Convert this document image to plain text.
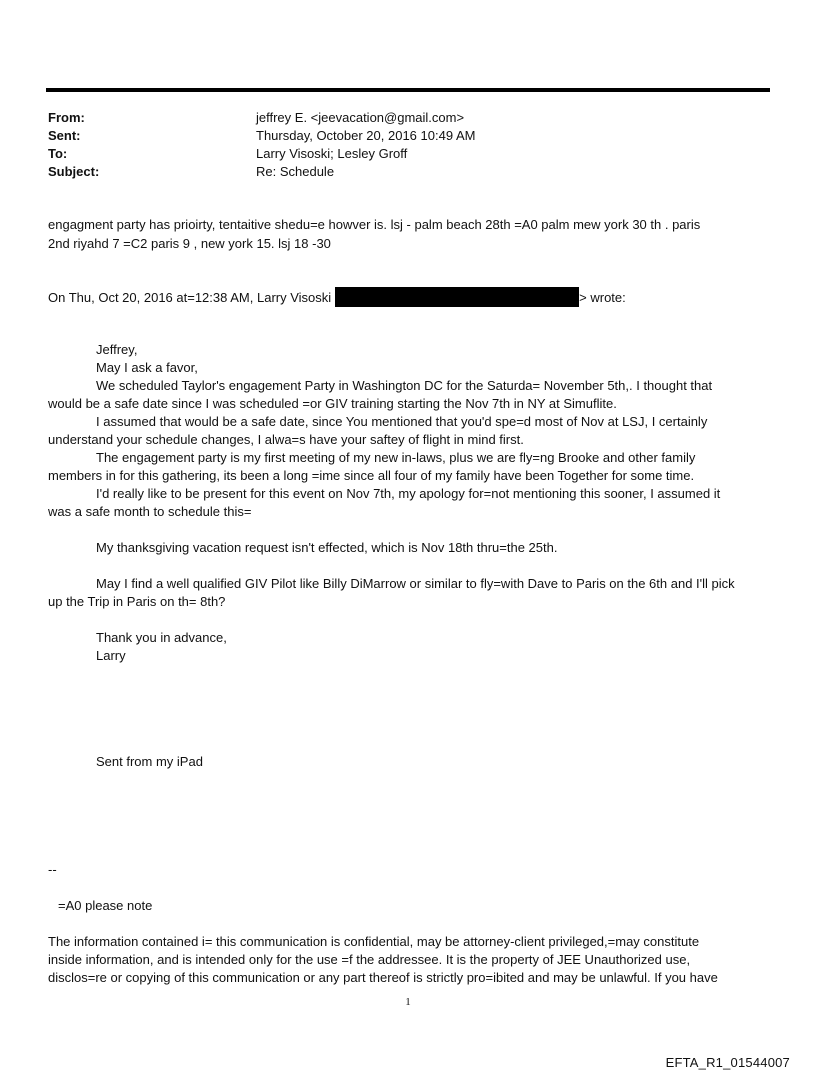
From:	jeffrey E. <jeevacation@gmail.com>
Sent:	Thursday, October 20, 2016 10:49 AM
To:	Larry Visoski; Lesley Groff
Subject:	Re: Schedule
engagment party has prioirty, tentaitive shedu=e howver is. lsj - palm beach 28th =A0 palm mew york 30 th . paris
2nd riyahd 7 =C2 paris 9 , new york 15. lsj 18 -30
On Thu, Oct 20, 2016 at=12:38 AM, Larry Visoski	> wrote:
Jeffrey,
May I ask a favor,
We scheduled Taylor's engagement Party in Washington DC for the Saturda= November 5th,. I thought that
would be a safe date since I was scheduled =or GIV training starting the Nov 7th in NY at Simuflite.
I assumed that would be a safe date, since You mentioned that you'd spe=d most of Nov at LSJ, I certainly
understand your schedule changes, I alwa=s have your saftey of flight in mind first.
The engagement party is my first meeting of my new in-laws, plus we are fly=ng Brooke and other family
members in for this gathering, its been a long =ime since all four of my family have been Together for some time.
I'd really like to be present for this event on Nov 7th, my apology for=not mentioning this sooner, I assumed it
was a safe month to schedule this=
My thanksgiving vacation request isn't effected, which is Nov 18th thru=the 25th.
May I find a well qualified GIV Pilot like Billy DiMarrow or similar to fly=with Dave to Paris on the 6th and I'll pick
up the Trip in Paris on th= 8th?
Thank you in advance,
Larry
Sent from my iPad
--
=A0 please note
The information contained i= this communication is confidential, may be attorney-client privileged,=may constitute
inside information, and is intended only for the use =f the addressee. It is the property of JEE Unauthorized use,
disclos=re or copying of this communication or any part thereof is strictly pro=ibited and may be unlawful. If you have
1
EFTA_R1_01544007
